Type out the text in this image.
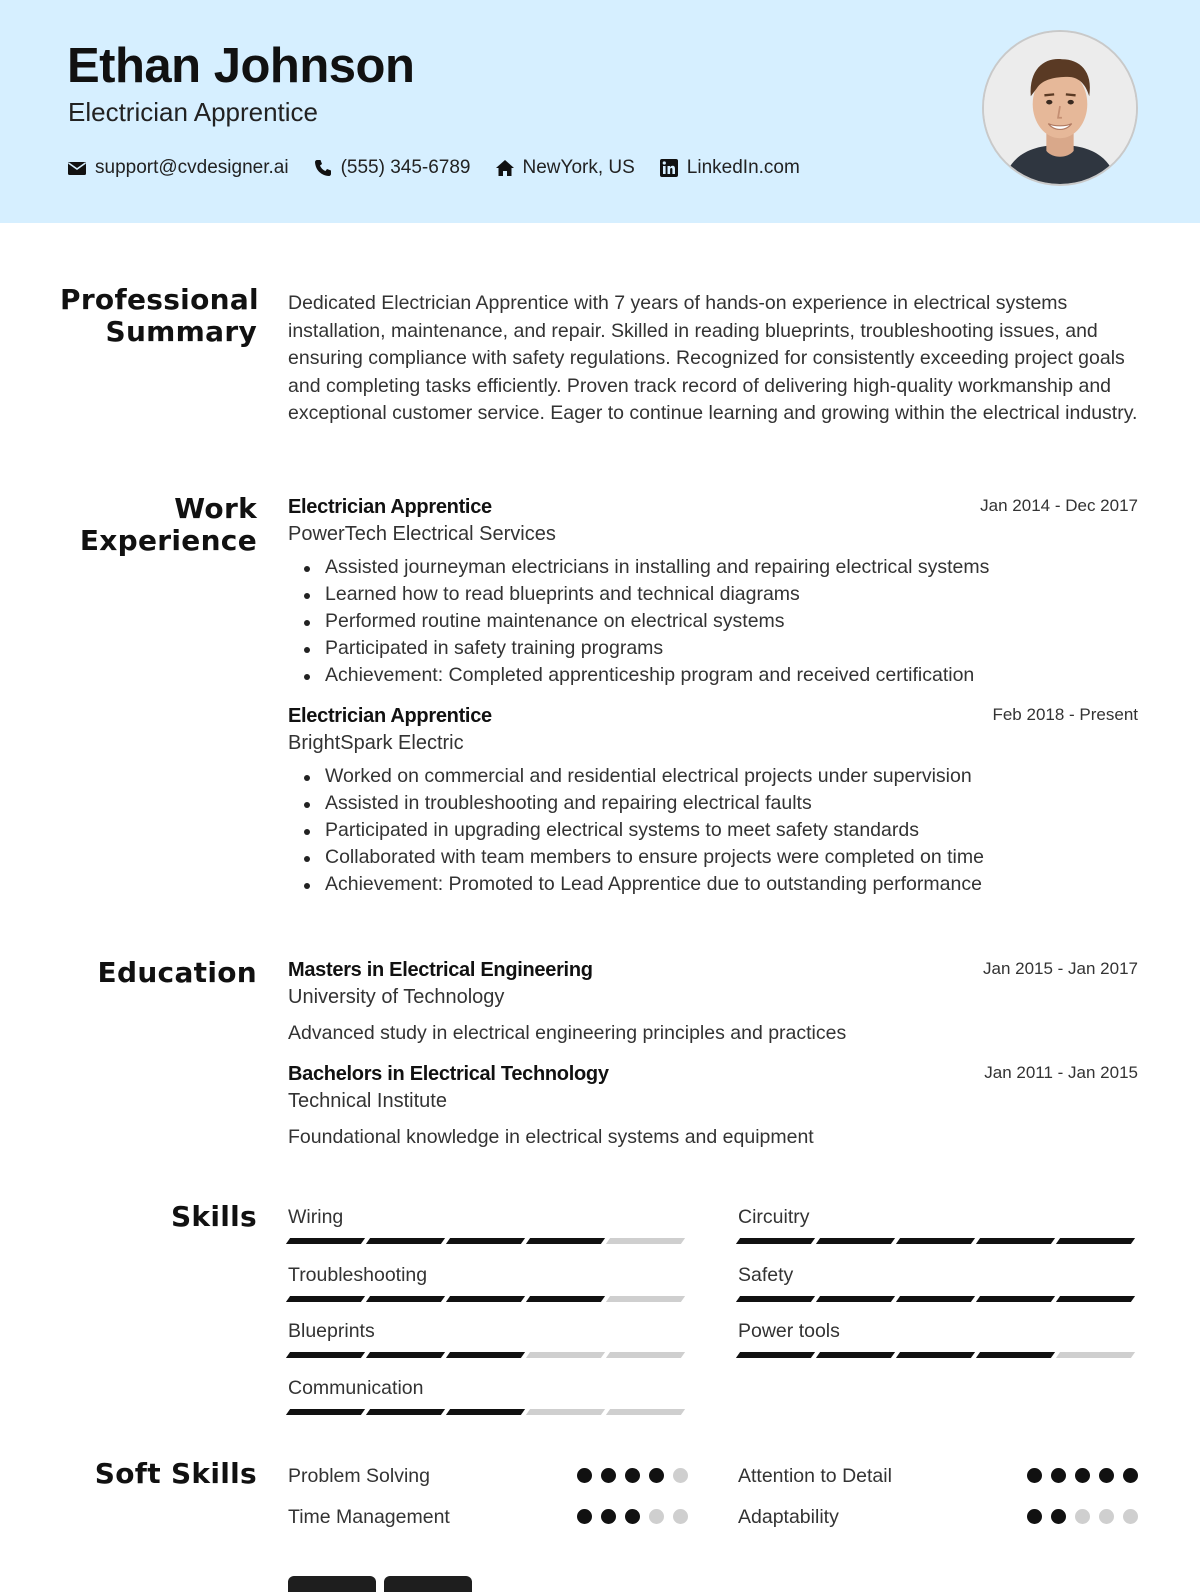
Ethan Johnson
Electrician Apprentice
support@cvdesigner.ai	(555) 345-6789	NewYork, US	LinkedIn.com
Professional Summary

Dedicated Electrician Apprentice with 7 years of hands-on experience in electrical systems installation, maintenance, and repair. Skilled in reading blueprints, troubleshooting issues, and ensuring compliance with safety regulations. Recognized for consistently exceeding project goals and completing tasks efficiently. Proven track record of delivering high-quality workmanship and exceptional customer service. Eager to continue learning and growing within the electrical industry.

Work Experience
Electrician Apprentice	Jan 2014 - Dec 2017
PowerTech Electrical Services
Assisted journeyman electricians in installing and repairing electrical systems
Learned how to read blueprints and technical diagrams
Performed routine maintenance on electrical systems
Participated in safety training programs
Achievement: Completed apprenticeship program and received certification
Electrician Apprentice	Feb 2018 - Present
BrightSpark Electric
Worked on commercial and residential electrical projects under supervision
Assisted in troubleshooting and repairing electrical faults
Participated in upgrading electrical systems to meet safety standards
Collaborated with team members to ensure projects were completed on time
Achievement: Promoted to Lead Apprentice due to outstanding performance
Education Masters in Electrical Engineering	Jan 2015 - Jan 2017
University of Technology
Advanced study in electrical engineering principles and practices
Bachelors in Electrical Technology	Jan 2011 - Jan 2015
Technical Institute
Foundational knowledge in electrical systems and equipment
Skills Wiring	Circuitry
Troubleshooting	Safety
Blueprints	Power tools
Communication
Soft Skills Problem Solving	Attention to Detail
Time Management	Adaptability
